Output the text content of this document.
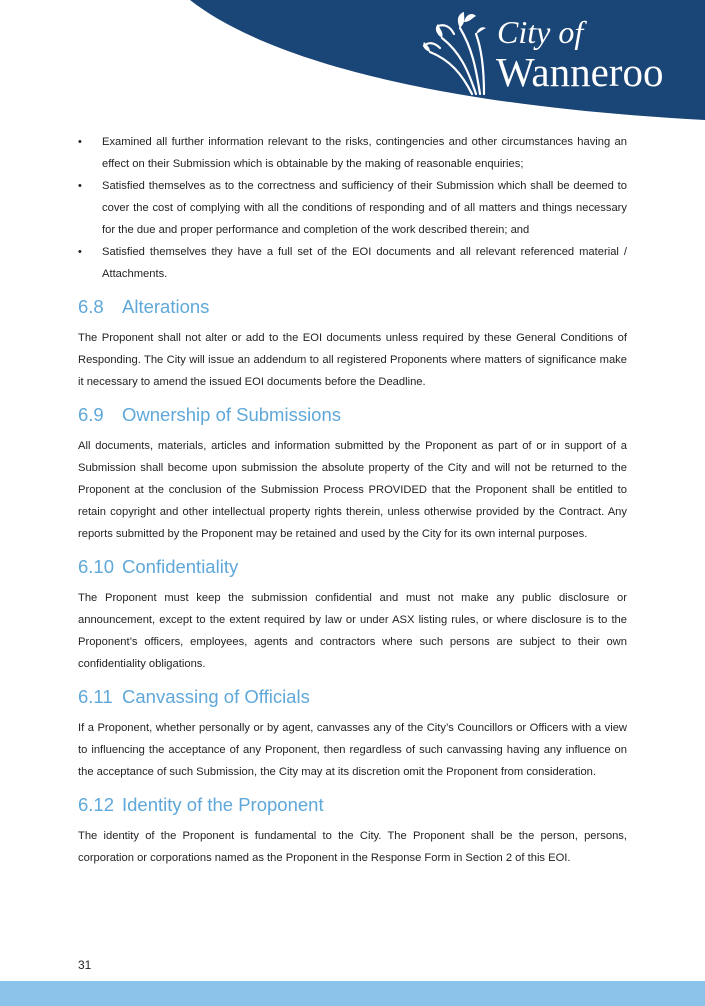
City of
Wanneroo
• Examined all further information relevant to the risks, contingencies and other circumstances having an effect on their Submission which is obtainable by the making of reasonable enquiries;
• Satisfied themselves as to the correctness and sufficiency of their Submission which shall be deemed to cover the cost of complying with all the conditions of responding and of all matters and things necessary for the due and proper performance and completion of the work described therein; and
• Satisfied themselves they have a full set of the EOI documents and all relevant referenced material / Attachments.
6.8 Alterations

The Proponent shall not alter or add to the EOI documents unless required by these General Conditions of Responding. The City will issue an addendum to all registered Proponents where matters of significance make it necessary to amend the issued EOI documents before the Deadline.

6.9 Ownership of Submissions

All documents, materials, articles and information submitted by the Proponent as part of or in support of a Submission shall become upon submission the absolute property of the City and will not be returned to the Proponent at the conclusion of the Submission Process PROVIDED that the Proponent shall be entitled to retain copyright and other intellectual property rights therein, unless otherwise provided by the Contract. Any reports submitted by the Proponent may be retained and used by the City for its own internal purposes.

6.10 Confidentiality

The Proponent must keep the submission confidential and must not make any public disclosure or announcement, except to the extent required by law or under ASX listing rules, or where disclosure is to the Proponent’s officers, employees, agents and contractors where such persons are subject to their own confidentiality obligations.

6.11 Canvassing of Officials

If a Proponent, whether personally or by agent, canvasses any of the City’s Councillors or Officers with a view to influencing the acceptance of any Proponent, then regardless of such canvassing having any influence on the acceptance of such Submission, the City may at its discretion omit the Proponent from consideration.

6.12 Identity of the Proponent

The identity of the Proponent is fundamental to the City. The Proponent shall be the person, persons, corporation or corporations named as the Proponent in the Response Form in Section 2 of this EOI.

31
